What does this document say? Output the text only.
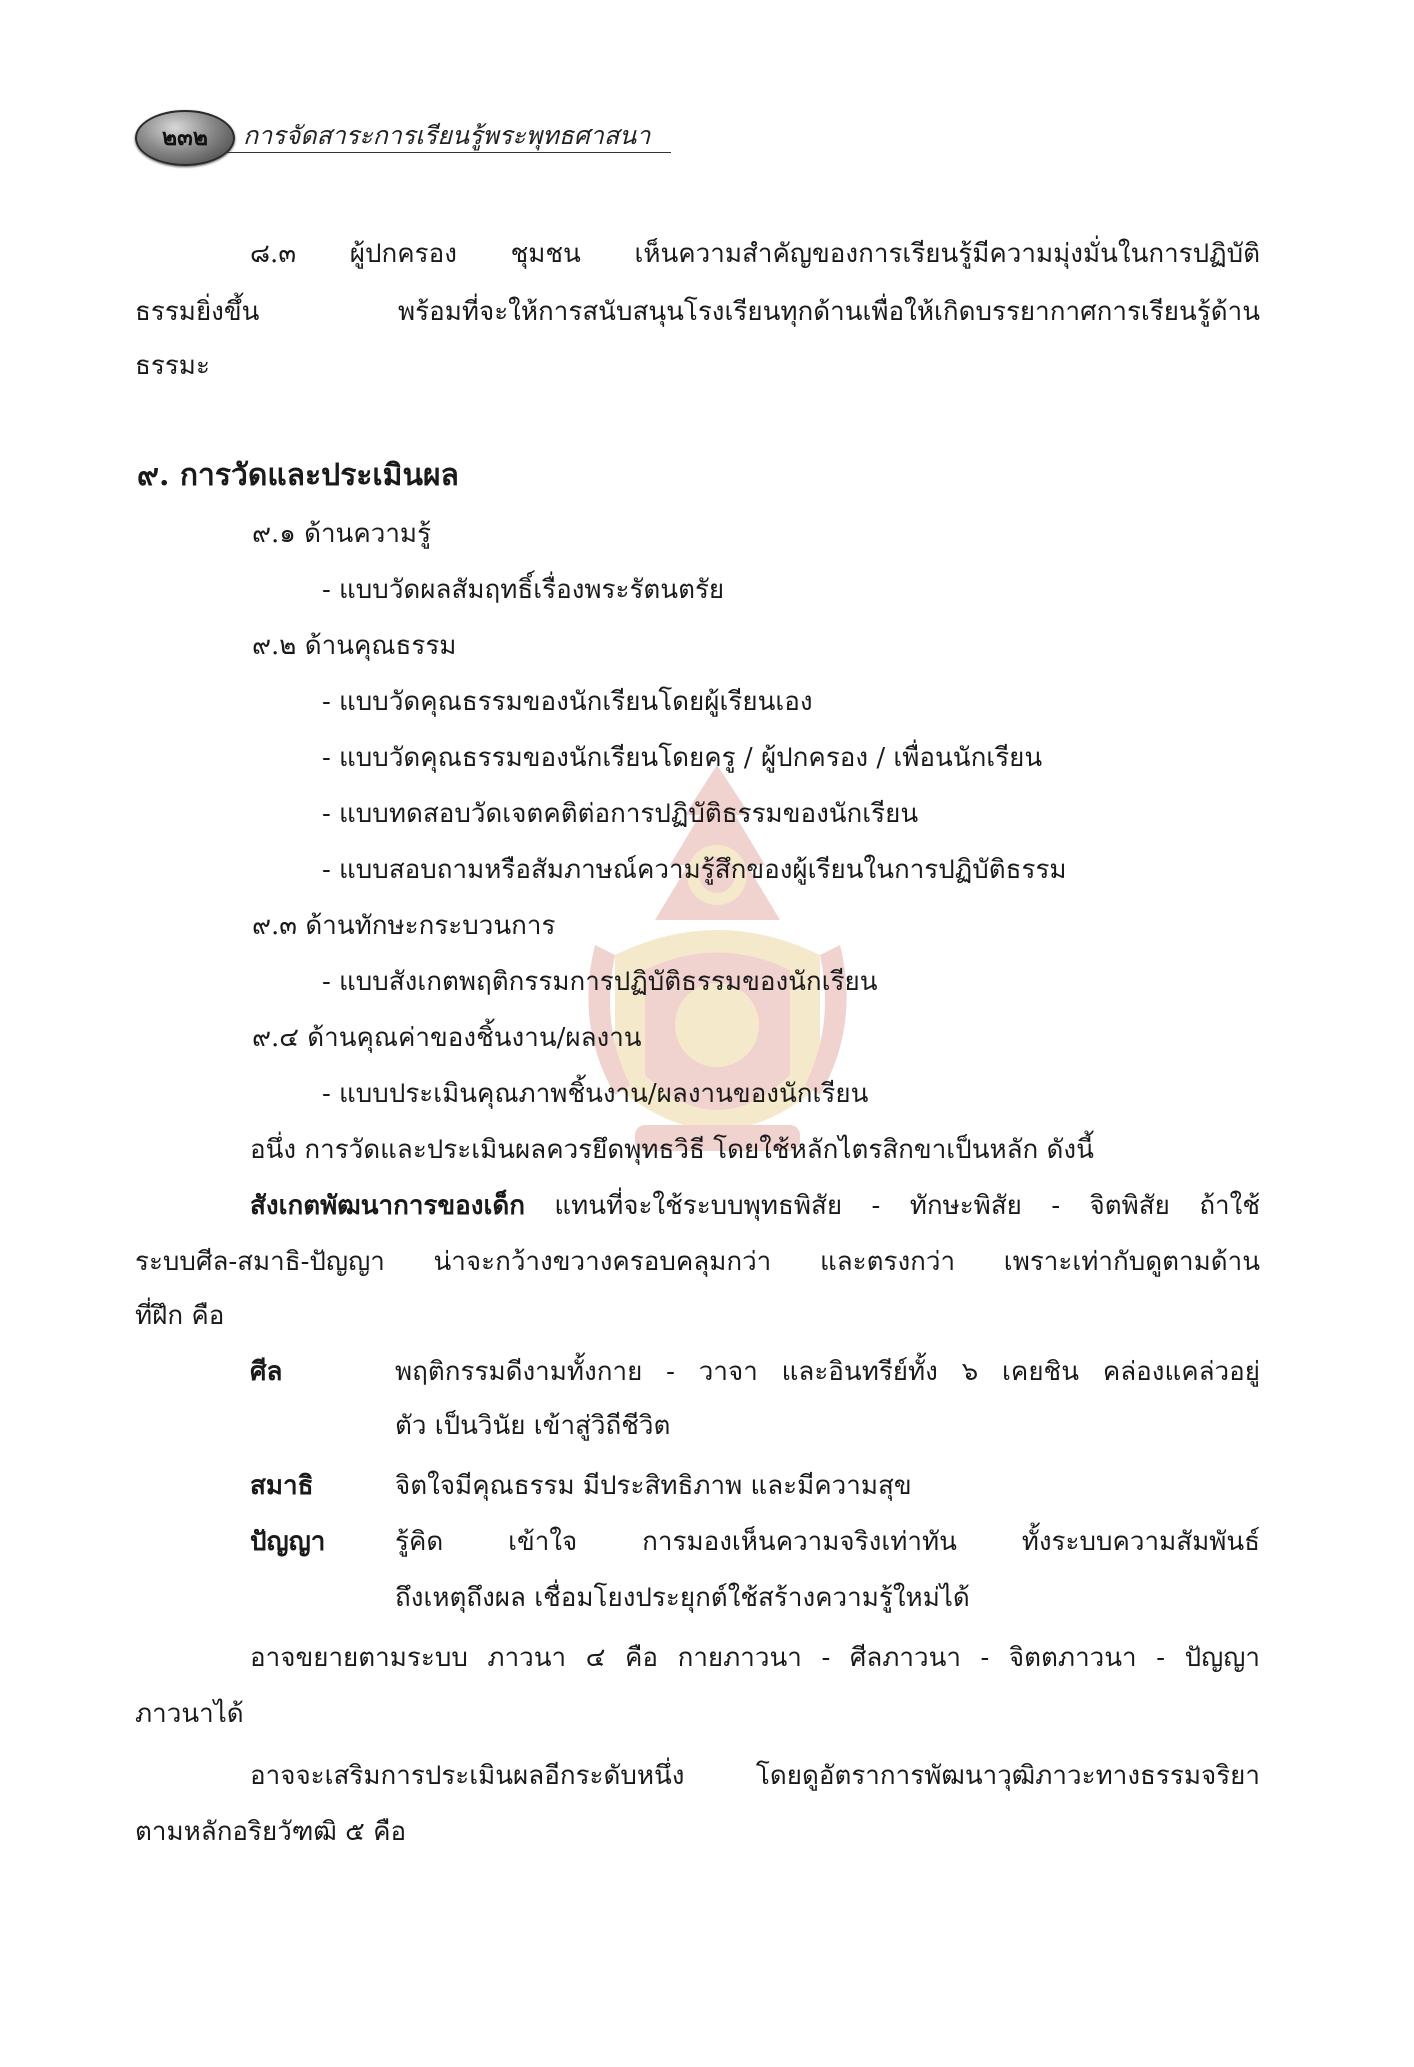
๒๓๒	การจัดสาระการเรียนรู้พระพุทธศาสนา
๘.๓ ผู้ปกครอง ชุมชน เห็นความสำคัญของการเรียนรู้มีความมุ่งมั่นในการปฏิบัติ
ธรรมยิ่งขึ้น พร้อมที่จะให้การสนับสนุนโรงเรียนทุกด้านเพื่อให้เกิดบรรยากาศการเรียนรู้ด้าน
ธรรมะ
๙. การวัดและประเมินผล
๙.๑ ด้านความรู้
- แบบวัดผลสัมฤทธิ์เรื่องพระรัตนตรัย
๙.๒ ด้านคุณธรรม
- แบบวัดคุณธรรมของนักเรียนโดยผู้เรียนเอง
- แบบวัดคุณธรรมของนักเรียนโดยครู / ผู้ปกครอง / เพื่อนนักเรียน
- แบบทดสอบวัดเจตคติต่อการปฏิบัติธรรมของนักเรียน
- แบบสอบถามหรือสัมภาษณ์ความรู้สึกของผู้เรียนในการปฏิบัติธรรม
๙.๓ ด้านทักษะกระบวนการ
- แบบสังเกตพฤติกรรมการปฏิบัติธรรมของนักเรียน
๙.๔ ด้านคุณค่าของชิ้นงาน/ผลงาน
- แบบประเมินคุณภาพชิ้นงาน/ผลงานของนักเรียน
อนึ่ง การวัดและประเมินผลควรยึดพุทธวิธี โดยใช้หลักไตรสิกขาเป็นหลัก ดังนี้
สังเกตพัฒนาการของเด็ก แทนที่จะใช้ระบบพุทธพิสัย - ทักษะพิสัย - จิตพิสัย ถ้าใช้
ระบบศีล-สมาธิ-ปัญญา น่าจะกว้างขวางครอบคลุมกว่า และตรงกว่า เพราะเท่ากับดูตามด้าน
ที่ฝึก คือ
ศีล	พฤติกรรมดีงามทั้งกาย - วาจา และอินทรีย์ทั้ง ๖ เคยชิน คล่องแคล่วอยู่
ตัว เป็นวินัย เข้าสู่วิถีชีวิต
สมาธิ	จิตใจมีคุณธรรม มีประสิทธิภาพ และมีความสุข
ปัญญา	รู้คิด เข้าใจ การมองเห็นความจริงเท่าทัน ทั้งระบบความสัมพันธ์
ถึงเหตุถึงผล เชื่อมโยงประยุกต์ใช้สร้างความรู้ใหม่ได้
อาจขยายตามระบบ ภาวนา ๔ คือ กายภาวนา - ศีลภาวนา - จิตตภาวนา - ปัญญา
ภาวนาได้
อาจจะเสริมการประเมินผลอีกระดับหนึ่ง โดยดูอัตราการพัฒนาวุฒิภาวะทางธรรมจริยา
ตามหลักอริยวัฑฒิ ๕ คือ
